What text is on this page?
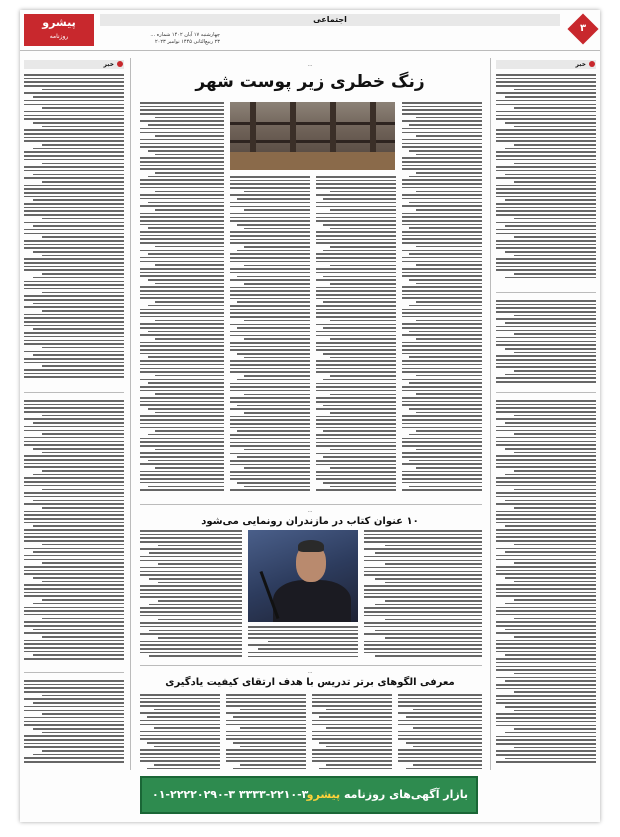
پیشرو
روزنامه
اجتماعی
چهارشنبه ۱۷ آبان ۱۴۰۲ شماره ...
۲۳ ربیع‌الثانی ۱۴۴۵ نوامبر ۲۰۲۳
۳
خبر	خبر
...
زنگ خطری زیر پوست شهر
...
۱۰ عنوان کتاب در مازندران رونمایی می‌شود
...
معرفی الگوهای برتر تدریس با هدف ارتقای کیفیت یادگیری
بازار آگهی‌های روزنامه پیشرو
۰۱-۲۲۲۲۰۲۹۰-۳ ۳۳۳۳-۲۲۱۰-۳
